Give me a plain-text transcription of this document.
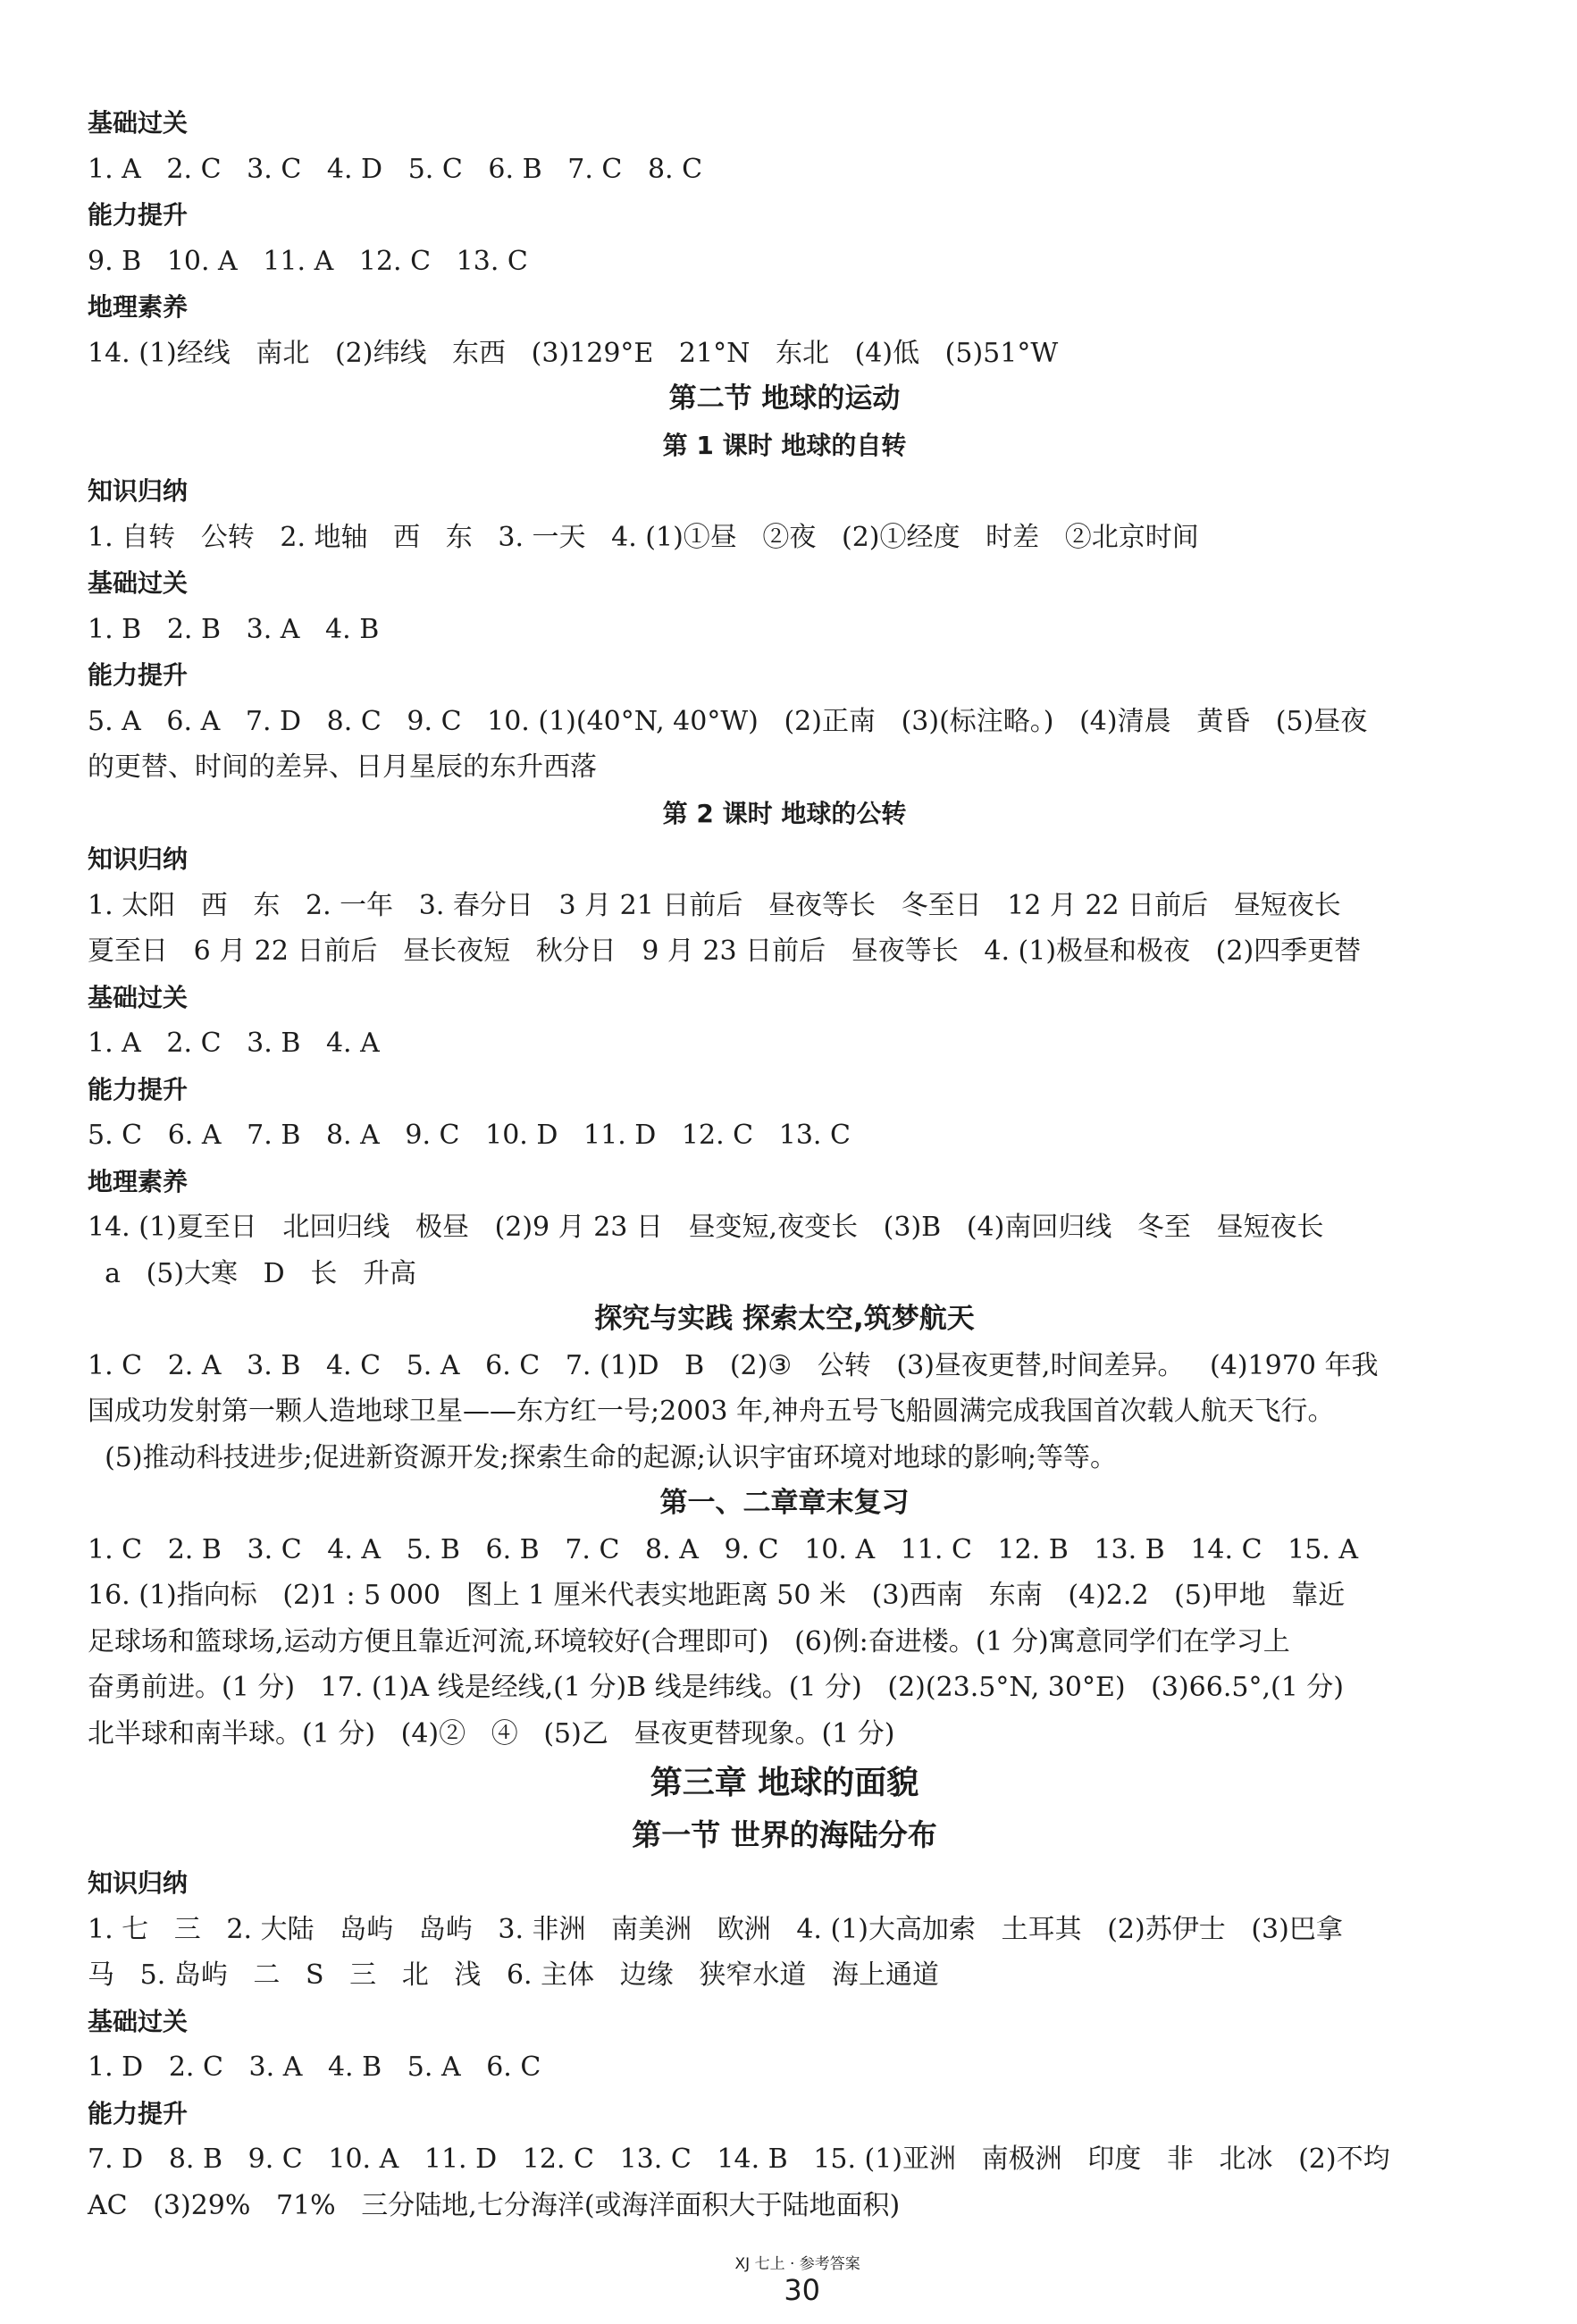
基础过关
1. A   2. C   3. C   4. D   5. C   6. B   7. C   8. C
能力提升
9. B   10. A   11. A   12. C   13. C
地理素养
14. (1)经线   南北   (2)纬线   东西   (3)129°E   21°N   东北   (4)低   (5)51°W
第二节 地球的运动
第 1 课时 地球的自转
知识归纳
1. 自转   公转   2. 地轴   西   东   3. 一天   4. (1)①昼   ②夜   (2)①经度   时差   ②北京时间
基础过关
1. B   2. B   3. A   4. B
能力提升
5. A   6. A   7. D   8. C   9. C   10. (1)(40°N, 40°W)   (2)正南   (3)(标注略。)   (4)清晨   黄昏   (5)昼夜
的更替、时间的差异、日月星辰的东升西落
第 2 课时 地球的公转
知识归纳
1. 太阳   西   东   2. 一年   3. 春分日   3 月 21 日前后   昼夜等长   冬至日   12 月 22 日前后   昼短夜长
夏至日   6 月 22 日前后   昼长夜短   秋分日   9 月 23 日前后   昼夜等长   4. (1)极昼和极夜   (2)四季更替
基础过关
1. A   2. C   3. B   4. A
能力提升
5. C   6. A   7. B   8. A   9. C   10. D   11. D   12. C   13. C
地理素养
14. (1)夏至日   北回归线   极昼   (2)9 月 23 日   昼变短,夜变长   (3)B   (4)南回归线   冬至   昼短夜长
a   (5)大寒   D   长   升高
探究与实践 探索太空,筑梦航天
1. C   2. A   3. B   4. C   5. A   6. C   7. (1)D   B   (2)③   公转   (3)昼夜更替,时间差异。   (4)1970 年我
国成功发射第一颗人造地球卫星——东方红一号;2003 年,神舟五号飞船圆满完成我国首次载人航天飞行。
(5)推动科技进步;促进新资源开发;探索生命的起源;认识宇宙环境对地球的影响;等等。
第一、二章章末复习
1. C   2. B   3. C   4. A   5. B   6. B   7. C   8. A   9. C   10. A   11. C   12. B   13. B   14. C   15. A
16. (1)指向标   (2)1 : 5 000   图上 1 厘米代表实地距离 50 米   (3)西南   东南   (4)2.2   (5)甲地   靠近
足球场和篮球场,运动方便且靠近河流,环境较好(合理即可)   (6)例:奋进楼。(1 分)寓意同学们在学习上
奋勇前进。(1 分)   17. (1)A 线是经线,(1 分)B 线是纬线。(1 分)   (2)(23.5°N, 30°E)   (3)66.5°,(1 分)
北半球和南半球。(1 分)   (4)②   ④   (5)乙   昼夜更替现象。(1 分)
第三章 地球的面貌
第一节 世界的海陆分布
知识归纳
1. 七   三   2. 大陆   岛屿   岛屿   3. 非洲   南美洲   欧洲   4. (1)大高加索   土耳其   (2)苏伊士   (3)巴拿
马   5. 岛屿   二   S   三   北   浅   6. 主体   边缘   狭窄水道   海上通道
基础过关
1. D   2. C   3. A   4. B   5. A   6. C
能力提升
7. D   8. B   9. C   10. A   11. D   12. C   13. C   14. B   15. (1)亚洲   南极洲   印度   非   北冰   (2)不均
AC   (3)29%   71%   三分陆地,七分海洋(或海洋面积大于陆地面积)

XJ 七上 · 参考答案
30
